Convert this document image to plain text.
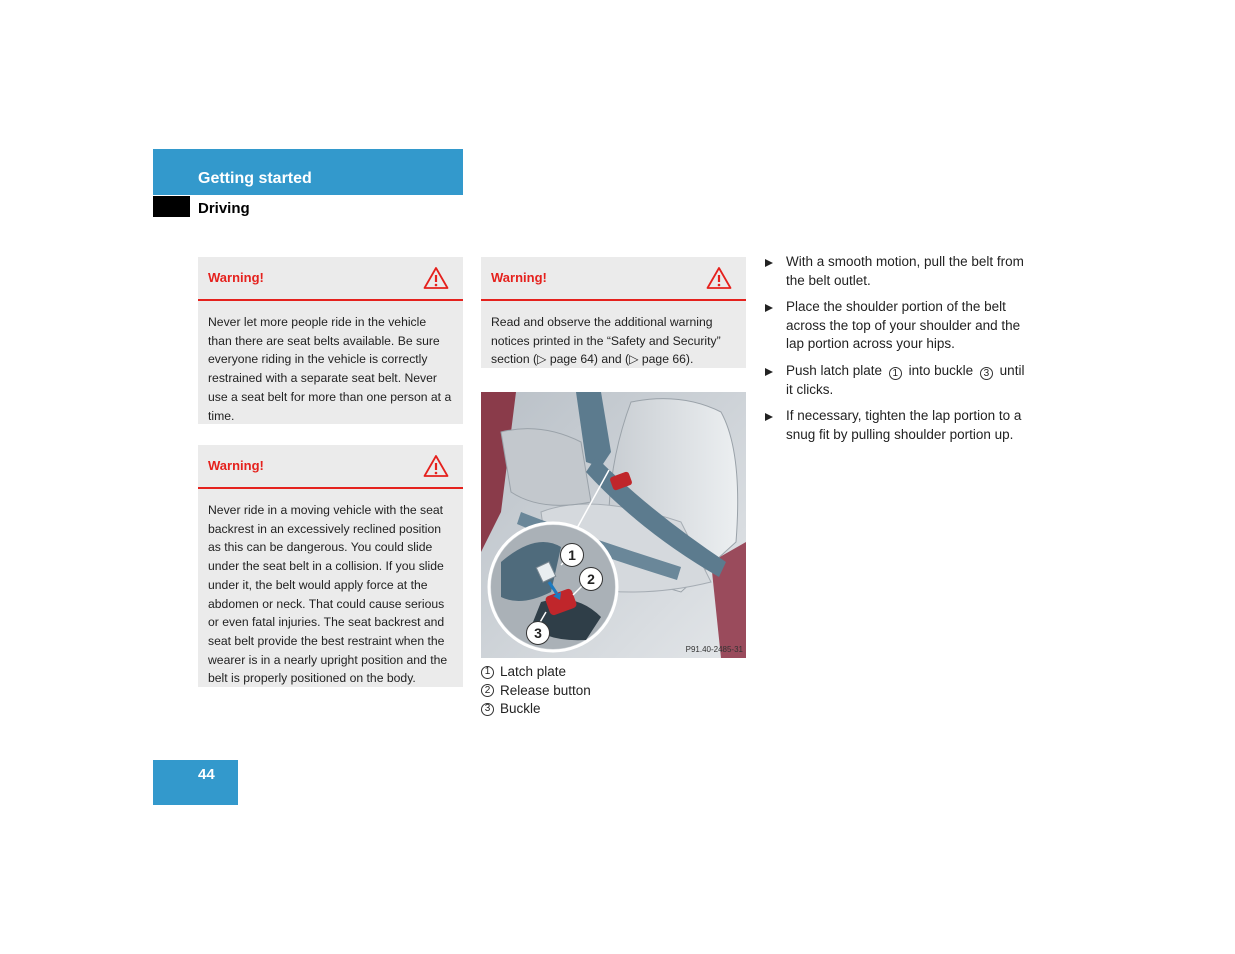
Getting started
Driving
Warning!
Never let more people ride in the vehicle than there are seat belts available. Be sure everyone riding in the vehicle is correctly restrained with a separate seat belt. Never use a seat belt for more than one person at a time.
Warning!
Never ride in a moving vehicle with the seat backrest in an excessively reclined position as this can be dangerous. You could slide under the seat belt in a collision. If you slide under it, the belt would apply force at the abdomen or neck. That could cause serious or even fatal injuries. The seat backrest and seat belt provide the best restraint when the wearer is in a nearly upright position and the belt is properly positioned on the body.
Warning!
Read and observe the additional warning notices printed in the “Safety and Security” section (▷ page 64) and (▷ page 66).
1
2
3
P91.40-2485-31
1 Latch plate
2 Release button
3 Buckle
With a smooth motion, pull the belt from the belt outlet.
Place the shoulder portion of the belt across the top of your shoulder and the lap portion across your hips.
Push latch plate 1 into buckle 3 until it clicks.
If necessary, tighten the lap portion to a snug fit by pulling shoulder portion up.
44
